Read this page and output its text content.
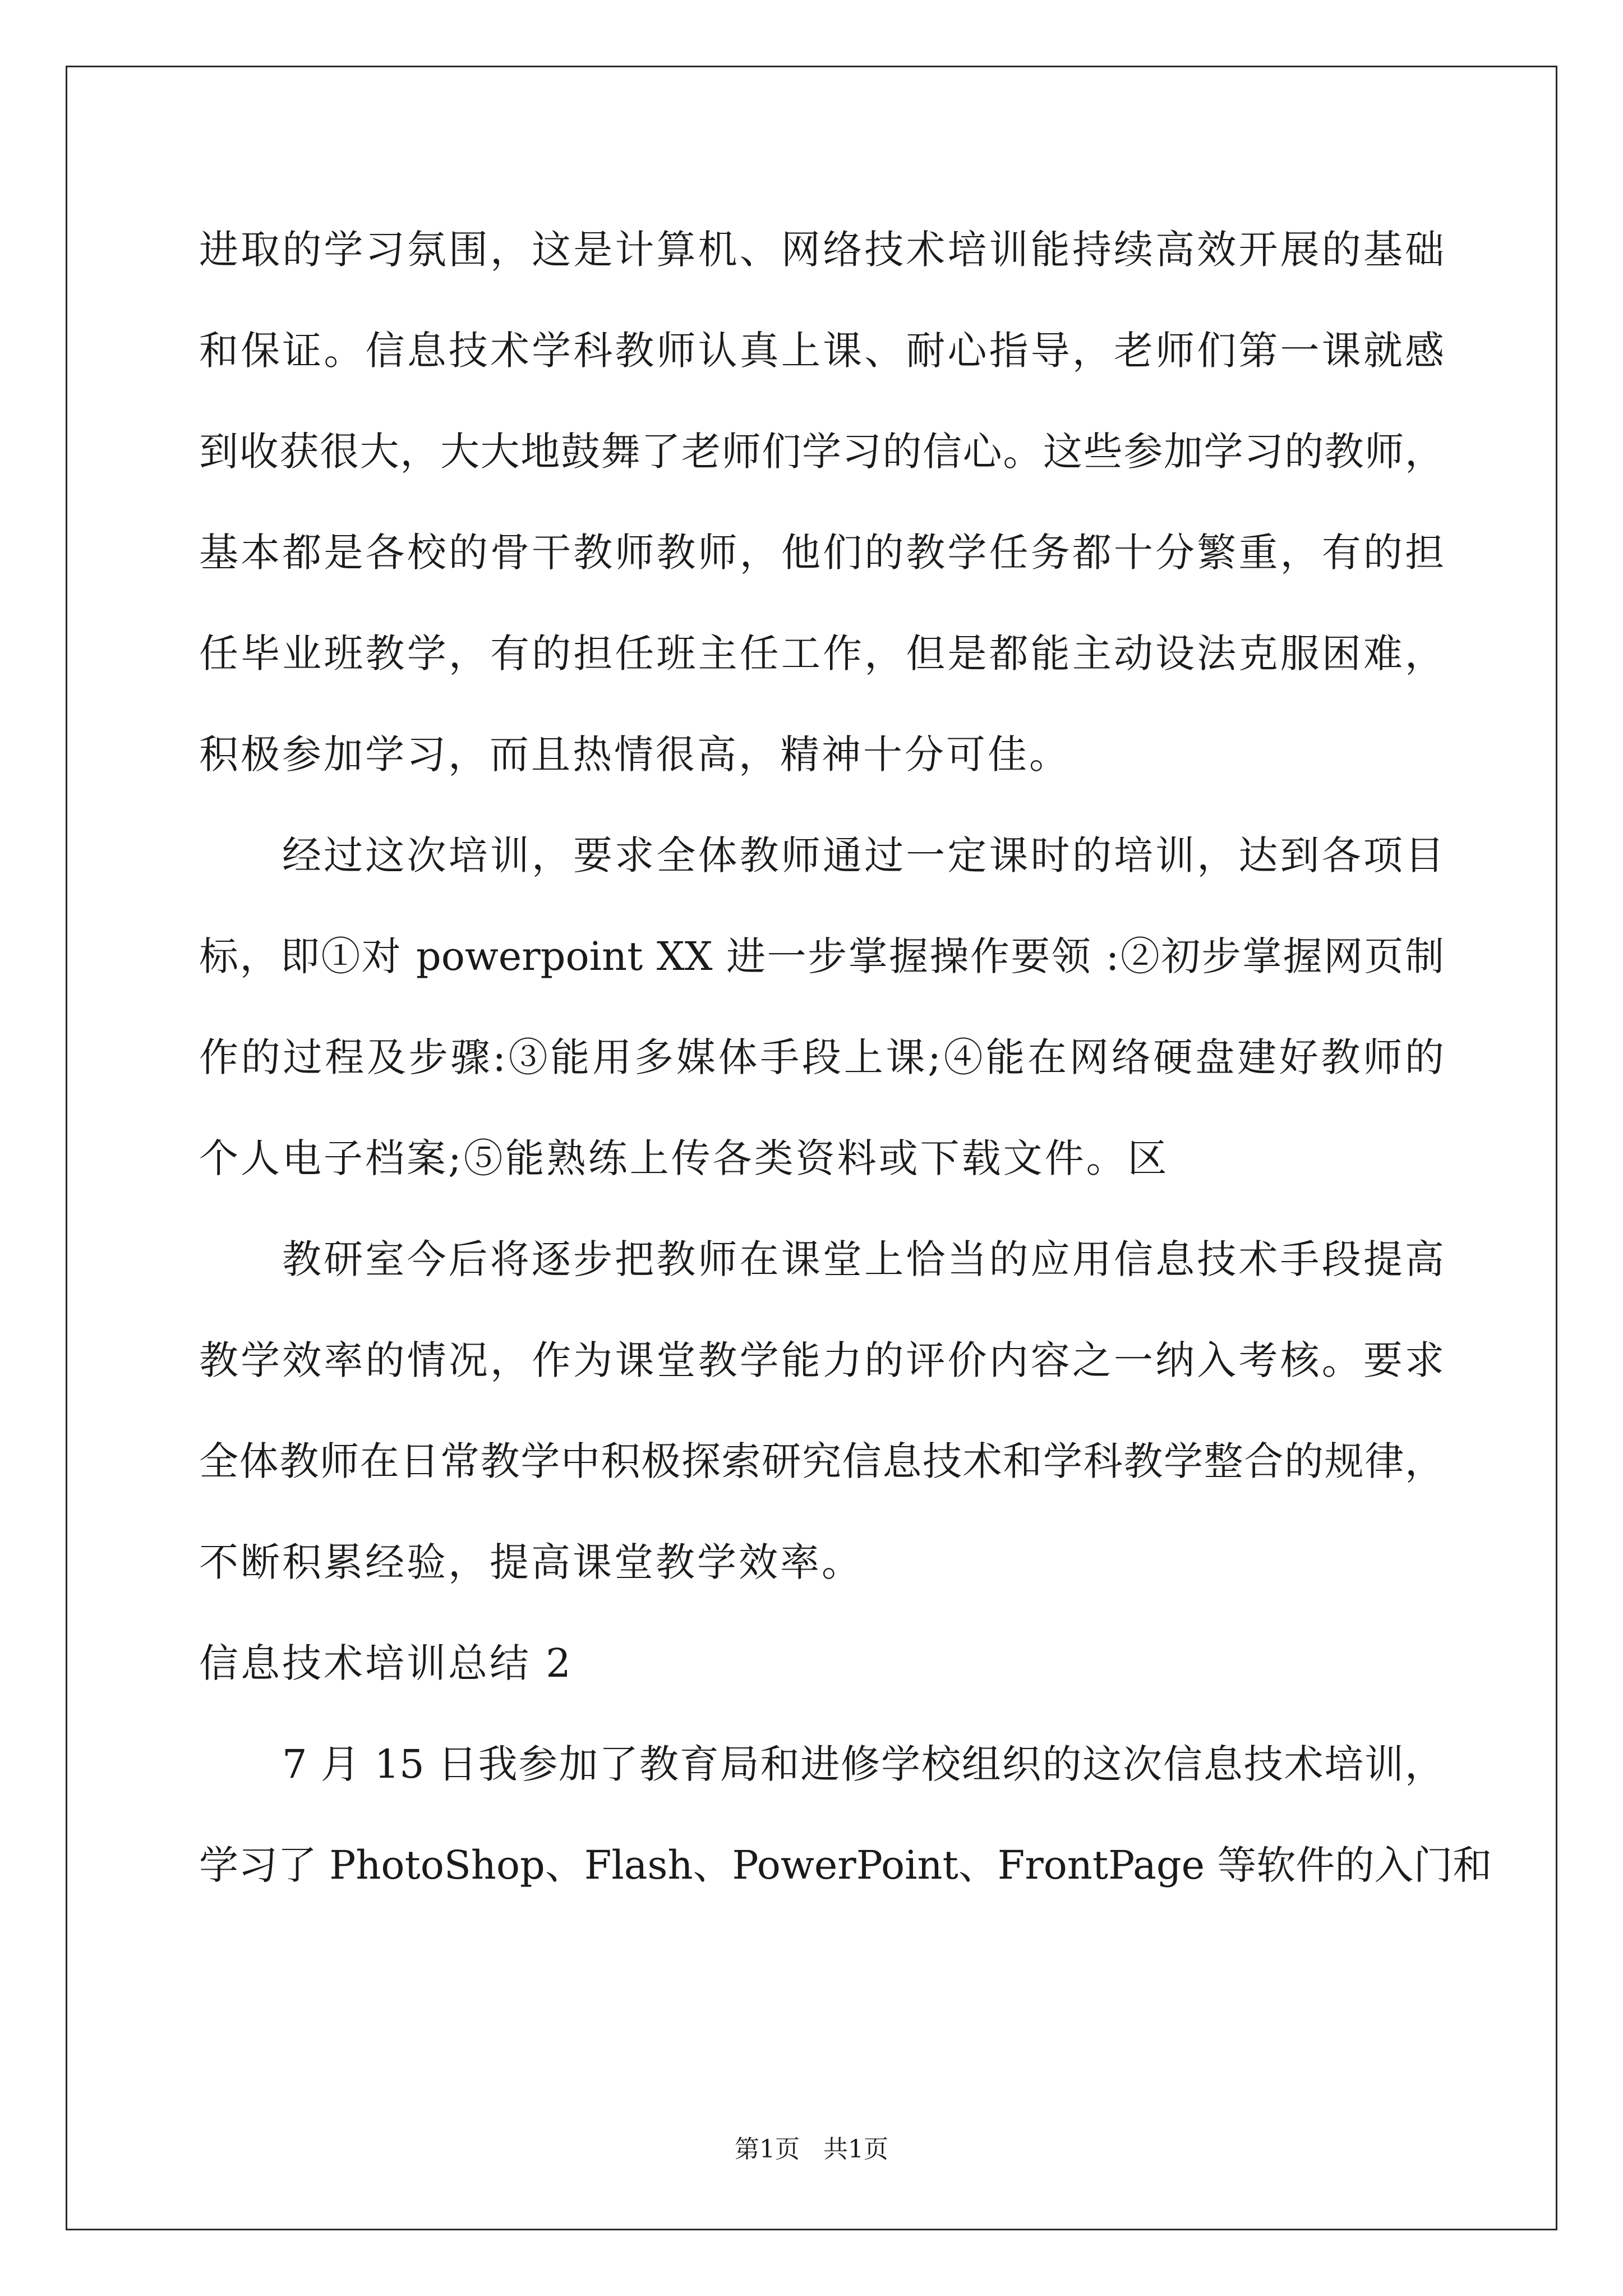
进取的学习氛围，这是计算机、网络技术培训能持续高效开展的基础
和保证。信息技术学科教师认真上课、耐心指导，老师们第一课就感
到收获很大，大大地鼓舞了老师们学习的信心。这些参加学习的教师，
基本都是各校的骨干教师教师，他们的教学任务都十分繁重，有的担
任毕业班教学，有的担任班主任工作，但是都能主动设法克服困难，
积极参加学习，而且热情很高，精神十分可佳。
经过这次培训，要求全体教师通过一定课时的培训，达到各项目
标，即①对 powerpoint XX 进一步掌握操作要领 :②初步掌握网页制
作的过程及步骤:③能用多媒体手段上课;④能在网络硬盘建好教师的
个人电子档案;⑤能熟练上传各类资料或下载文件。区
教研室今后将逐步把教师在课堂上恰当的应用信息技术手段提高
教学效率的情况，作为课堂教学能力的评价内容之一纳入考核。要求
全体教师在日常教学中积极探索研究信息技术和学科教学整合的规律，
不断积累经验，提高课堂教学效率。
信息技术培训总结 2
7 月 15 日我参加了教育局和进修学校组织的这次信息技术培训，
学习了 PhotoShop、Flash、PowerPoint、FrontPage 等软件的入门和
第1页   共1页
